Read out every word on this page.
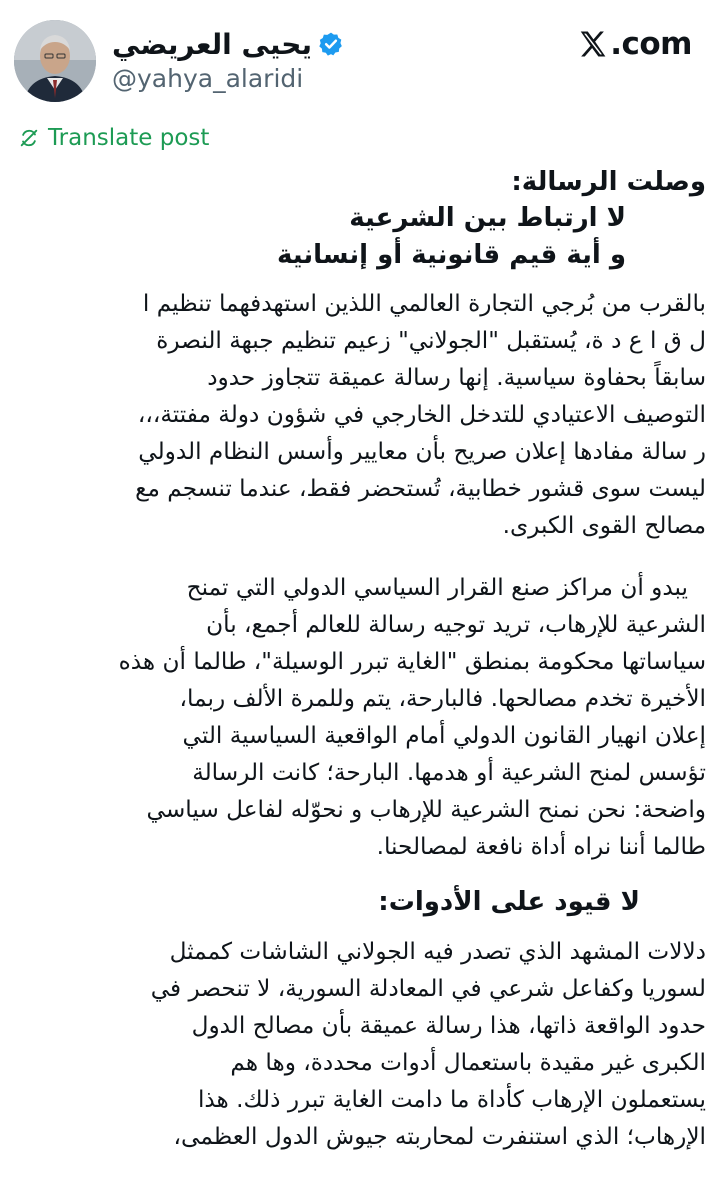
يحيى العريضي
@yahya_alaridi
.com
Translate post
وصلت الرسالة:
لا ارتباط بين الشرعية
و أية قيم قانونية أو إنسانية
بالقرب من بُرجي التجارة العالمي اللذين استهدفهما تنظيم ا
ل ق ا ع د ة، يُستقبل "الجولاني" زعيم تنظيم جبهة النصرة
سابقاً بحفاوة سياسية. إنها رسالة عميقة تتجاوز حدود
التوصيف الاعتيادي للتدخل الخارجي في شؤون دولة مفتتة،،،
ر سالة مفادها إعلان صريح بأن معايير وأسس النظام الدولي
ليست سوى قشور خطابية، تُستحضر فقط، عندما تنسجم مع
مصالح القوى الكبرى.
يبدو أن مراكز صنع القرار السياسي الدولي التي تمنح
الشرعية للإرهاب، تريد توجيه رسالة للعالم أجمع، بأن
سياساتها محكومة بمنطق "الغاية تبرر الوسيلة"، طالما أن هذه
الأخيرة تخدم مصالحها. فالبارحة، يتم وللمرة الألف ربما،
إعلان انهيار القانون الدولي أمام الواقعية السياسية التي
تؤسس لمنح الشرعية أو هدمها. البارحة؛ كانت الرسالة
واضحة: نحن نمنح الشرعية للإرهاب و نحوّله لفاعل سياسي
طالما أننا نراه أداة نافعة لمصالحنا.
لا قيود على الأدوات:
دلالات المشهد الذي تصدر فيه الجولاني الشاشات كممثل
لسوريا وكفاعل شرعي في المعادلة السورية، لا تنحصر في
حدود الواقعة ذاتها، هذا رسالة عميقة بأن مصالح الدول
الكبرى غير مقيدة باستعمال أدوات محددة، وها هم
يستعملون الإرهاب كأداة ما دامت الغاية تبرر ذلك. هذا
الإرهاب؛ الذي استنفرت لمحاربته جيوش الدول العظمى،
